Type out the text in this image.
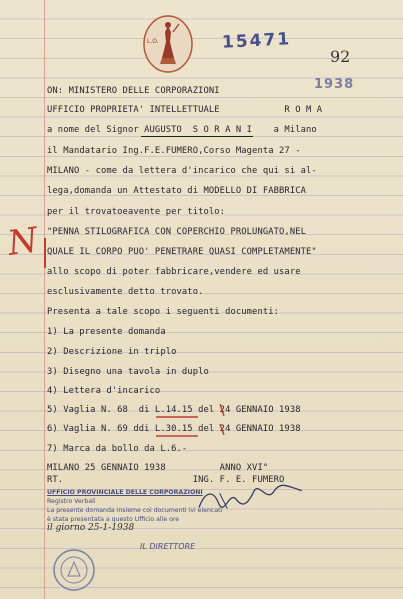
L.O.	15471
92
1938
ON: MINISTERO DELLE CORPORAZIONI
UFFICIO PROPRIETA' INTELLETTUALE            R O M A
a nome del Signor AUGUSTO  S O R A N I    a Milano
il Mandatario Ing.F.E.FUMERO,Corso Magenta 27 -
MILANO - come da lettera d'incarico che qui si al-
lega,domanda un Attestato di MODELLO DI FABBRICA
per il trovatoeavente per titolo:
"PENNA STILOGRAFICA CON COPERCHIO PROLUNGATO,NEL
QUALE IL CORPO PUO' PENETRARE QUASI COMPLETAMENTE"
allo scopo di poter fabbricare,vendere ed usare
esclusivamente detto trovato.
Presenta a tale scopo i seguenti documenti:
1) La presente domanda
2) Descrizione in triplo
3) Disegno una tavola in duplo
4) Lettera d'incarico
5) Vaglia N. 68  di L.14.15 del 24 GENNAIO 1938
6) Vaglia N. 69 ddi L.30.15 del 24 GENNAIO 1938
7) Marca da bollo da L.6.-
MILANO 25 GENNAIO 1938          ANNO XVI°
RT.                        ING. F. E. FUMERO
N
UFFICIO PROVINCIALE DELLE CORPORAZIONI
Registro Verbali
La presente domanda insieme coi documenti ivi elencati
è stata presentata a questo Ufficio alle ore
il giorno 25-1-1938
IL DIRETTORE
